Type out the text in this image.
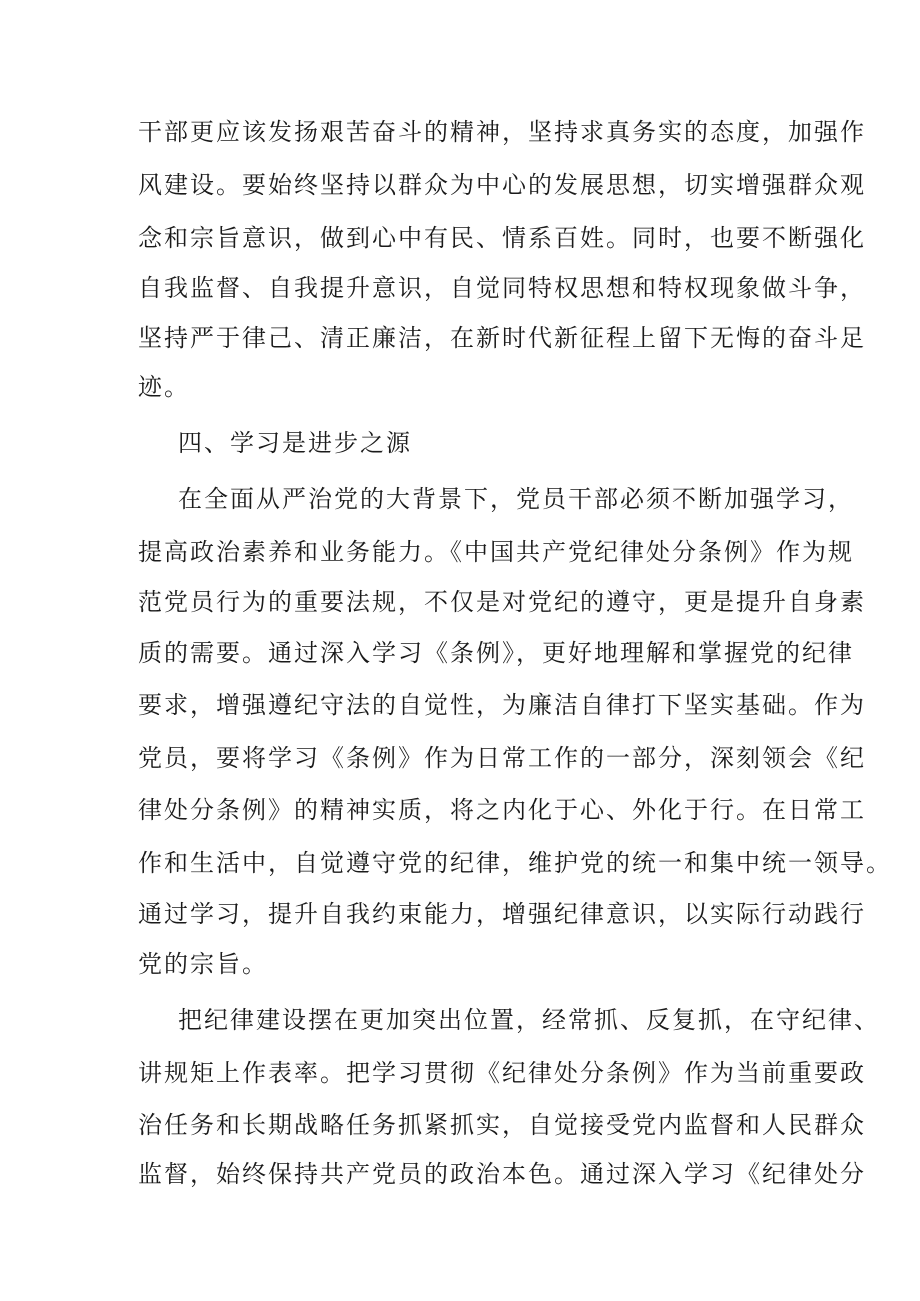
干部更应该发扬艰苦奋斗的精神，坚持求真务实的态度，加强作
风建设。要始终坚持以群众为中心的发展思想，切实增强群众观
念和宗旨意识，做到心中有民、情系百姓。同时，也要不断强化
自我监督、自我提升意识，自觉同特权思想和特权现象做斗争，
坚持严于律己、清正廉洁，在新时代新征程上留下无悔的奋斗足
迹。
四、学习是进步之源
在全面从严治党的大背景下，党员干部必须不断加强学习，
提高政治素养和业务能力。《中国共产党纪律处分条例》作为规
范党员行为的重要法规，不仅是对党纪的遵守，更是提升自身素
质的需要。通过深入学习《条例》，更好地理解和掌握党的纪律
要求，增强遵纪守法的自觉性，为廉洁自律打下坚实基础。作为
党员，要将学习《条例》作为日常工作的一部分，深刻领会《纪
律处分条例》的精神实质，将之内化于心、外化于行。在日常工
作和生活中，自觉遵守党的纪律，维护党的统一和集中统一领导。
通过学习，提升自我约束能力，增强纪律意识，以实际行动践行
党的宗旨。
把纪律建设摆在更加突出位置，经常抓、反复抓，在守纪律、
讲规矩上作表率。把学习贯彻《纪律处分条例》作为当前重要政
治任务和长期战略任务抓紧抓实，自觉接受党内监督和人民群众
监督，始终保持共产党员的政治本色。通过深入学习《纪律处分
